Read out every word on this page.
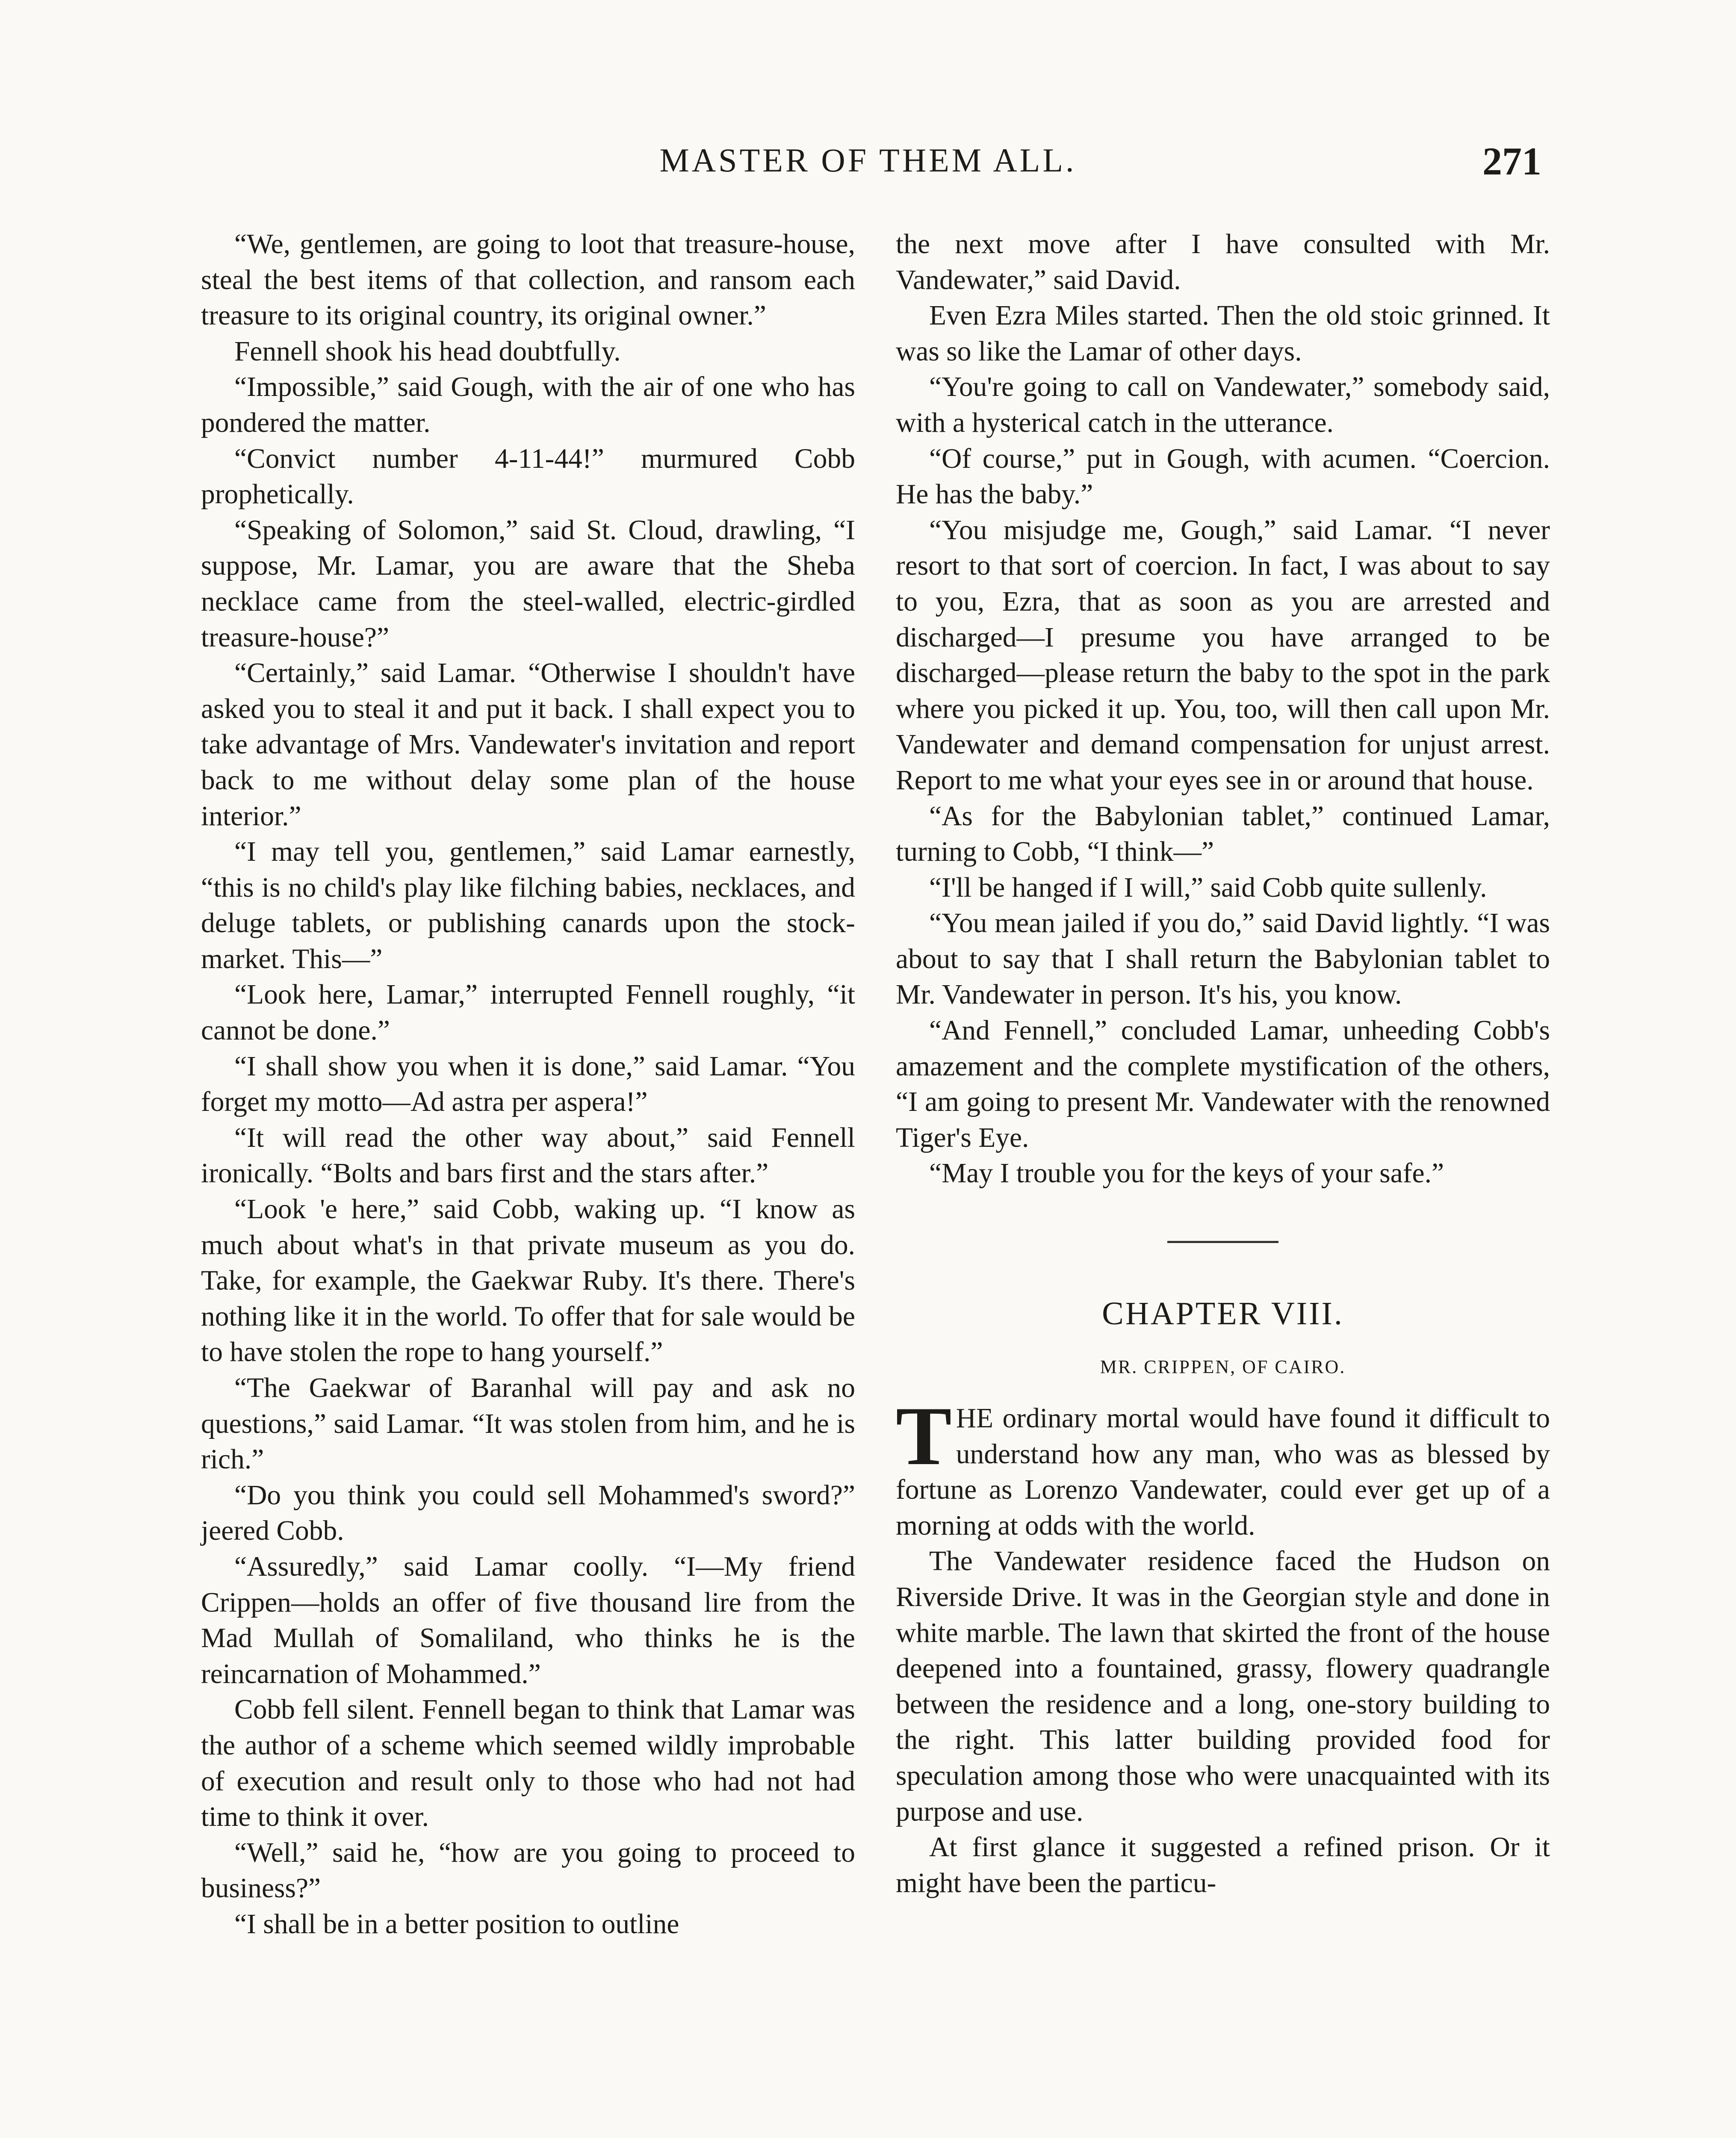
MASTER OF THEM ALL.	271

“We, gentlemen, are going to loot that treasure-house, steal the best items of that collection, and ransom each treasure to its original country, its original owner.”

Fennell shook his head doubtfully.

“Impossible,” said Gough, with the air of one who has pondered the matter.

“Convict number 4-11-44!” murmured Cobb prophetically.

“Speaking of Solomon,” said St. Cloud, drawling, “I suppose, Mr. Lamar, you are aware that the Sheba necklace came from the steel-walled, electric-girdled treasure-house?”

“Certainly,” said Lamar. “Otherwise I shouldn't have asked you to steal it and put it back. I shall expect you to take advantage of Mrs. Vandewater's invitation and report back to me without delay some plan of the house interior.”

“I may tell you, gentlemen,” said Lamar earnestly, “this is no child's play like filching babies, necklaces, and deluge tablets, or publishing canards upon the stock-market. This—”

“Look here, Lamar,” interrupted Fennell roughly, “it cannot be done.”

“I shall show you when it is done,” said Lamar. “You forget my motto—Ad astra per aspera!”

“It will read the other way about,” said Fennell ironically. “Bolts and bars first and the stars after.”

“Look 'e here,” said Cobb, waking up. “I know as much about what's in that private museum as you do. Take, for example, the Gaekwar Ruby. It's there. There's nothing like it in the world. To offer that for sale would be to have stolen the rope to hang yourself.”

“The Gaekwar of Baranhal will pay and ask no questions,” said Lamar. “It was stolen from him, and he is rich.”

“Do you think you could sell Mohammed's sword?” jeered Cobb.

“Assuredly,” said Lamar coolly. “I—My friend Crippen—holds an offer of five thousand lire from the Mad Mullah of Somaliland, who thinks he is the reincarnation of Mohammed.”

Cobb fell silent. Fennell began to think that Lamar was the author of a scheme which seemed wildly improbable of execution and result only to those who had not had time to think it over.

“Well,” said he, “how are you going to proceed to business?”

“I shall be in a better position to outline

the next move after I have consulted with Mr. Vandewater,” said David.

Even Ezra Miles started. Then the old stoic grinned. It was so like the Lamar of other days.

“You're going to call on Vandewater,” somebody said, with a hysterical catch in the utterance.

“Of course,” put in Gough, with acumen. “Coercion. He has the baby.”

“You misjudge me, Gough,” said Lamar. “I never resort to that sort of coercion. In fact, I was about to say to you, Ezra, that as soon as you are arrested and discharged—I presume you have arranged to be discharged—please return the baby to the spot in the park where you picked it up. You, too, will then call upon Mr. Vandewater and demand compensation for unjust arrest. Report to me what your eyes see in or around that house.

“As for the Babylonian tablet,” continued Lamar, turning to Cobb, “I think—”

“I'll be hanged if I will,” said Cobb quite sullenly.

“You mean jailed if you do,” said David lightly. “I was about to say that I shall return the Babylonian tablet to Mr. Vandewater in person. It's his, you know.

“And Fennell,” concluded Lamar, unheeding Cobb's amazement and the complete mystification of the others, “I am going to present Mr. Vandewater with the renowned Tiger's Eye.

“May I trouble you for the keys of your safe.”

CHAPTER VIII.
MR. CRIPPEN, OF CAIRO.

THE ordinary mortal would have found it difficult to understand how any man, who was as blessed by fortune as Lorenzo Vandewater, could ever get up of a morning at odds with the world.

The Vandewater residence faced the Hudson on Riverside Drive. It was in the Georgian style and done in white marble. The lawn that skirted the front of the house deepened into a fountained, grassy, flowery quadrangle between the residence and a long, one-story building to the right. This latter building provided food for speculation among those who were unacquainted with its purpose and use.

At first glance it suggested a refined prison. Or it might have been the particu-
